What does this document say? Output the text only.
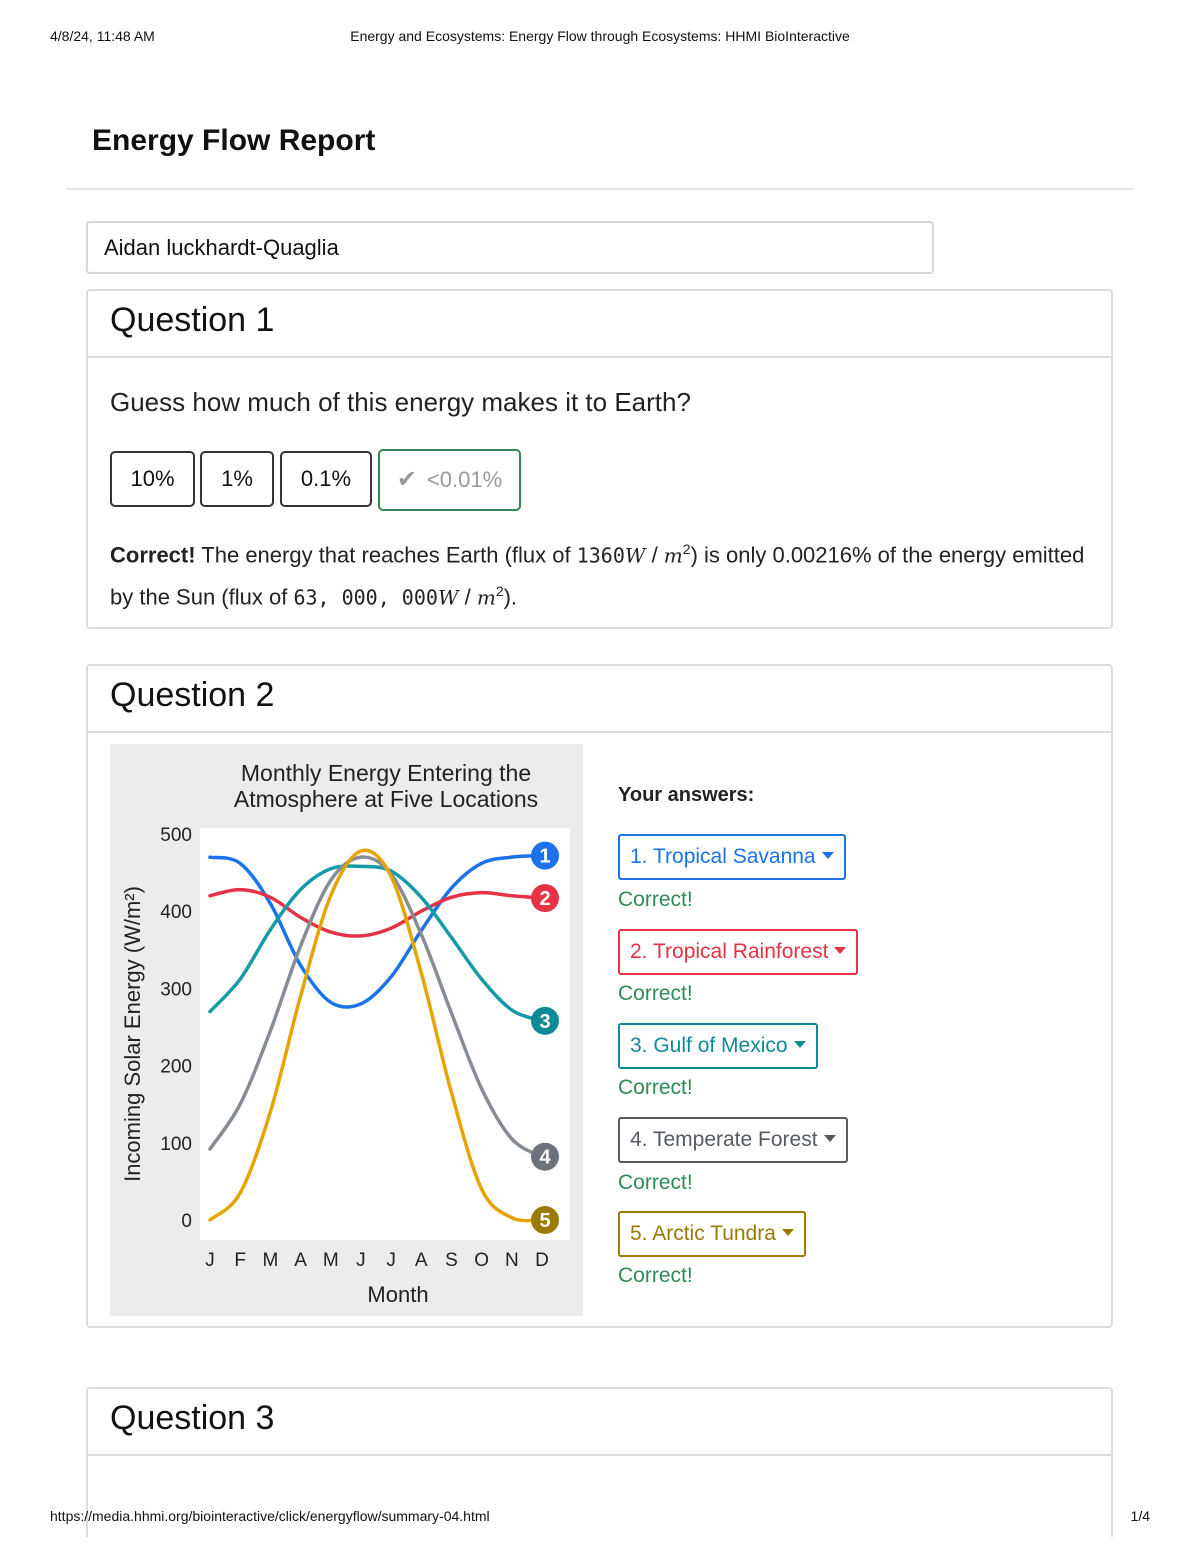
4/8/24, 11:48 AM	Energy and Ecosystems: Energy Flow through Ecosystems: HHMI BioInteractive
Energy Flow Report
Aidan luckhardt-Quaglia
Question 1
Guess how much of this energy makes it to Earth?
10%	1%	0.1%	✔ <0.01%
Correct! The energy that reaches Earth (flux of $1360W / m^2$) is only 0.00216% of the energy emitted by the Sun (flux of 63, 000, $000W / m^2$).
Question 2
Monthly Energy Entering the
Atmosphere at Five Locations
0
100
200
300
400
500
J F M A M J J A S O N D
1
2
3
4
5
Month
Incoming Solar Energy (W/m²)
Your answers:
1. Tropical Savanna
Correct!
2. Tropical Rainforest
Correct!
3. Gulf of Mexico
Correct!
4. Temperate Forest
Correct!
5. Arctic Tundra
Correct!
Question 3
https://media.hhmi.org/biointeractive/click/energyflow/summary-04.html	1/4
